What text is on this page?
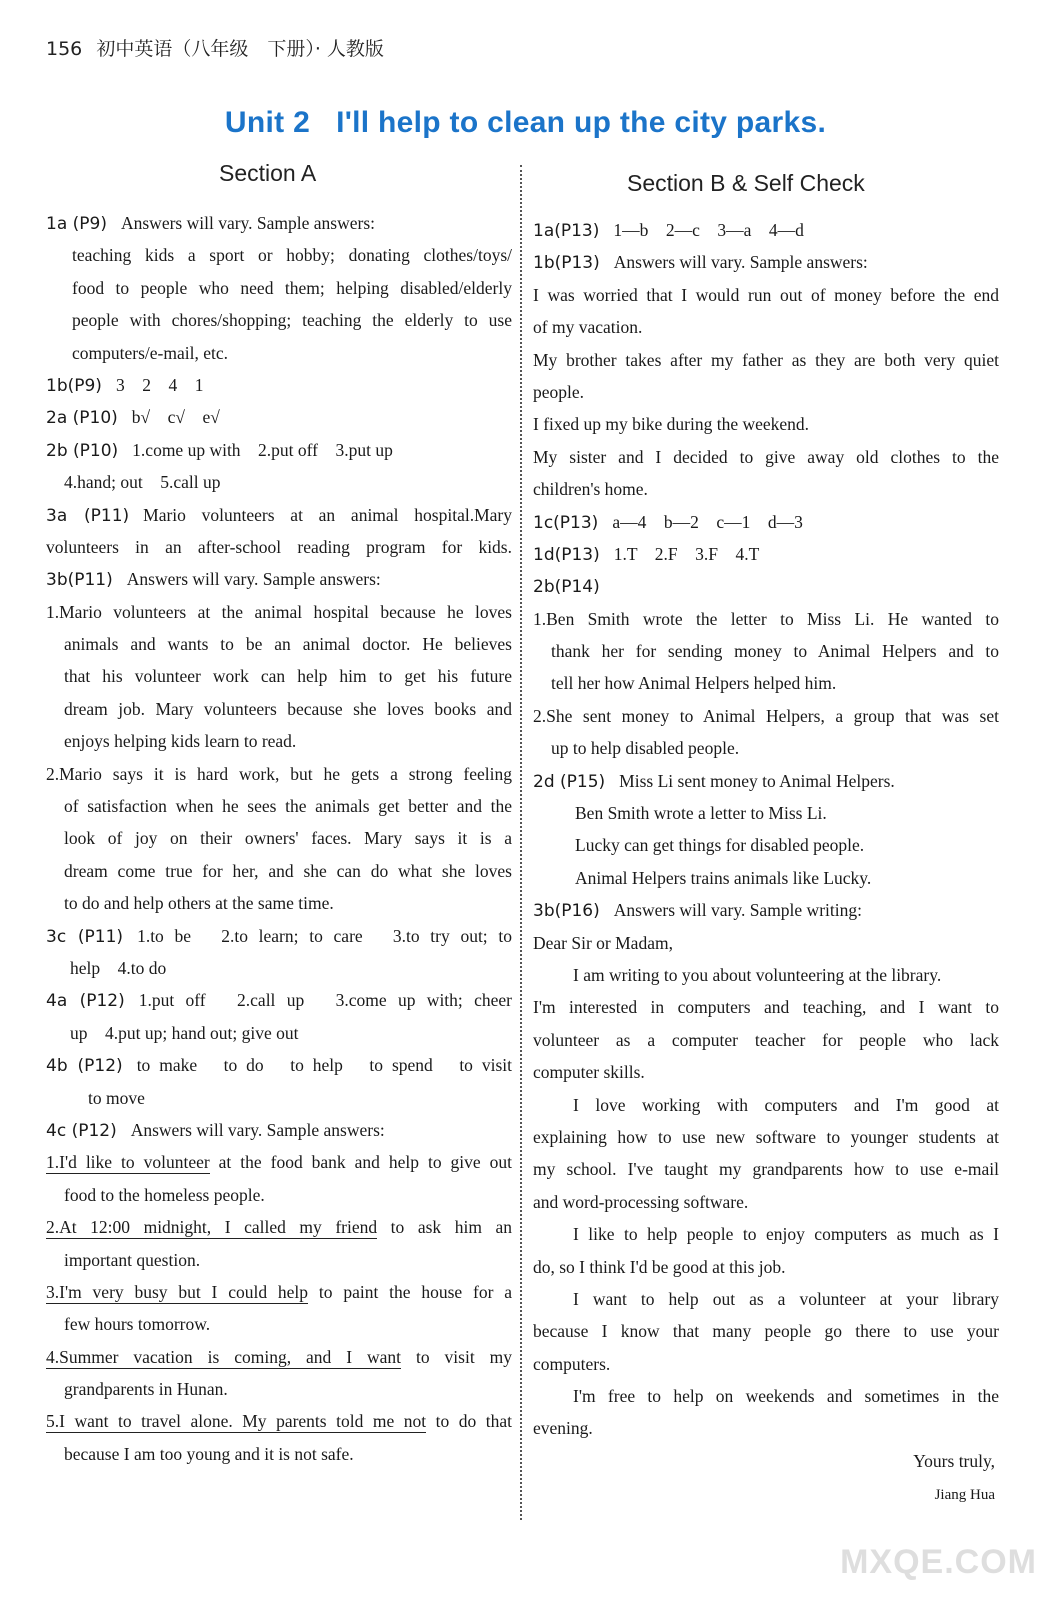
156 初中英语（八年级　下册）· 人教版
Unit 2 I'll help to clean up the city parks.
Section A	Section B & Self Check
1a (P9) Answers will vary. Sample answers:
teaching kids a sport or hobby; donating clothes/toys/
food to people who need them; helping disabled/elderly
people with chores/shopping; teaching the elderly to use
computers/e-mail, etc.
1b(P9) 3　2　4　1
2a (P10) b√　c√　e√
2b (P10) 1.come up with　2.put off　3.put up
4.hand; out　5.call up
3a (P11) Mario volunteers at an animal hospital.Mary
volunteers in an after-school reading program for kids.
3b(P11) Answers will vary. Sample answers:
1.Mario volunteers at the animal hospital because he loves
animals and wants to be an animal doctor. He believes
that his volunteer work can help him to get his future
dream job. Mary volunteers because she loves books and
enjoys helping kids learn to read.
2.Mario says it is hard work, but he gets a strong feeling
of satisfaction when he sees the animals get better and the
look of joy on their owners' faces. Mary says it is a
dream come true for her, and she can do what she loves
to do and help others at the same time.
3c (P11) 1.to be　2.to learn; to care　3.to try out; to
help　4.to do
4a (P12) 1.put off　2.call up　3.come up with; cheer
up　4.put up; hand out; give out
4b (P12) to make　to do　to help　to spend　to visit
to move
4c (P12) Answers will vary. Sample answers:
1.I'd like to volunteer at the food bank and help to give out
food to the homeless people.
2.At 12:00 midnight, I called my friend to ask him an
important question.
3.I'm very busy but I could help to paint the house for a
few hours tomorrow.
4.Summer vacation is coming, and I want to visit my
grandparents in Hunan.
5.I want to travel alone. My parents told me not to do that
because I am too young and it is not safe.
1a(P13) 1—b　2—c　3—a　4—d
1b(P13) Answers will vary. Sample answers:
I was worried that I would run out of money before the end
of my vacation.
My brother takes after my father as they are both very quiet
people.
I fixed up my bike during the weekend.
My sister and I decided to give away old clothes to the
children's home.
1c(P13) a—4　b—2　c—1　d—3
1d(P13) 1.T　2.F　3.F　4.T
2b(P14)
1.Ben Smith wrote the letter to Miss Li. He wanted to
thank her for sending money to Animal Helpers and to
tell her how Animal Helpers helped him.
2.She sent money to Animal Helpers, a group that was set
up to help disabled people.
2d (P15) Miss Li sent money to Animal Helpers.
Ben Smith wrote a letter to Miss Li.
Lucky can get things for disabled people.
Animal Helpers trains animals like Lucky.
3b(P16) Answers will vary. Sample writing:
Dear Sir or Madam,
I am writing to you about volunteering at the library.
I'm interested in computers and teaching, and I want to
volunteer as a computer teacher for people who lack
computer skills.
I love working with computers and I'm good at
explaining how to use new software to younger students at
my school. I've taught my grandparents how to use e-mail
and word-processing software.
I like to help people to enjoy computers as much as I
do, so I think I'd be good at this job.
I want to help out as a volunteer at your library
because I know that many people go there to use your
computers.
I'm free to help on weekends and sometimes in the
evening.
Yours truly,
Jiang Hua
MXQE.COM
